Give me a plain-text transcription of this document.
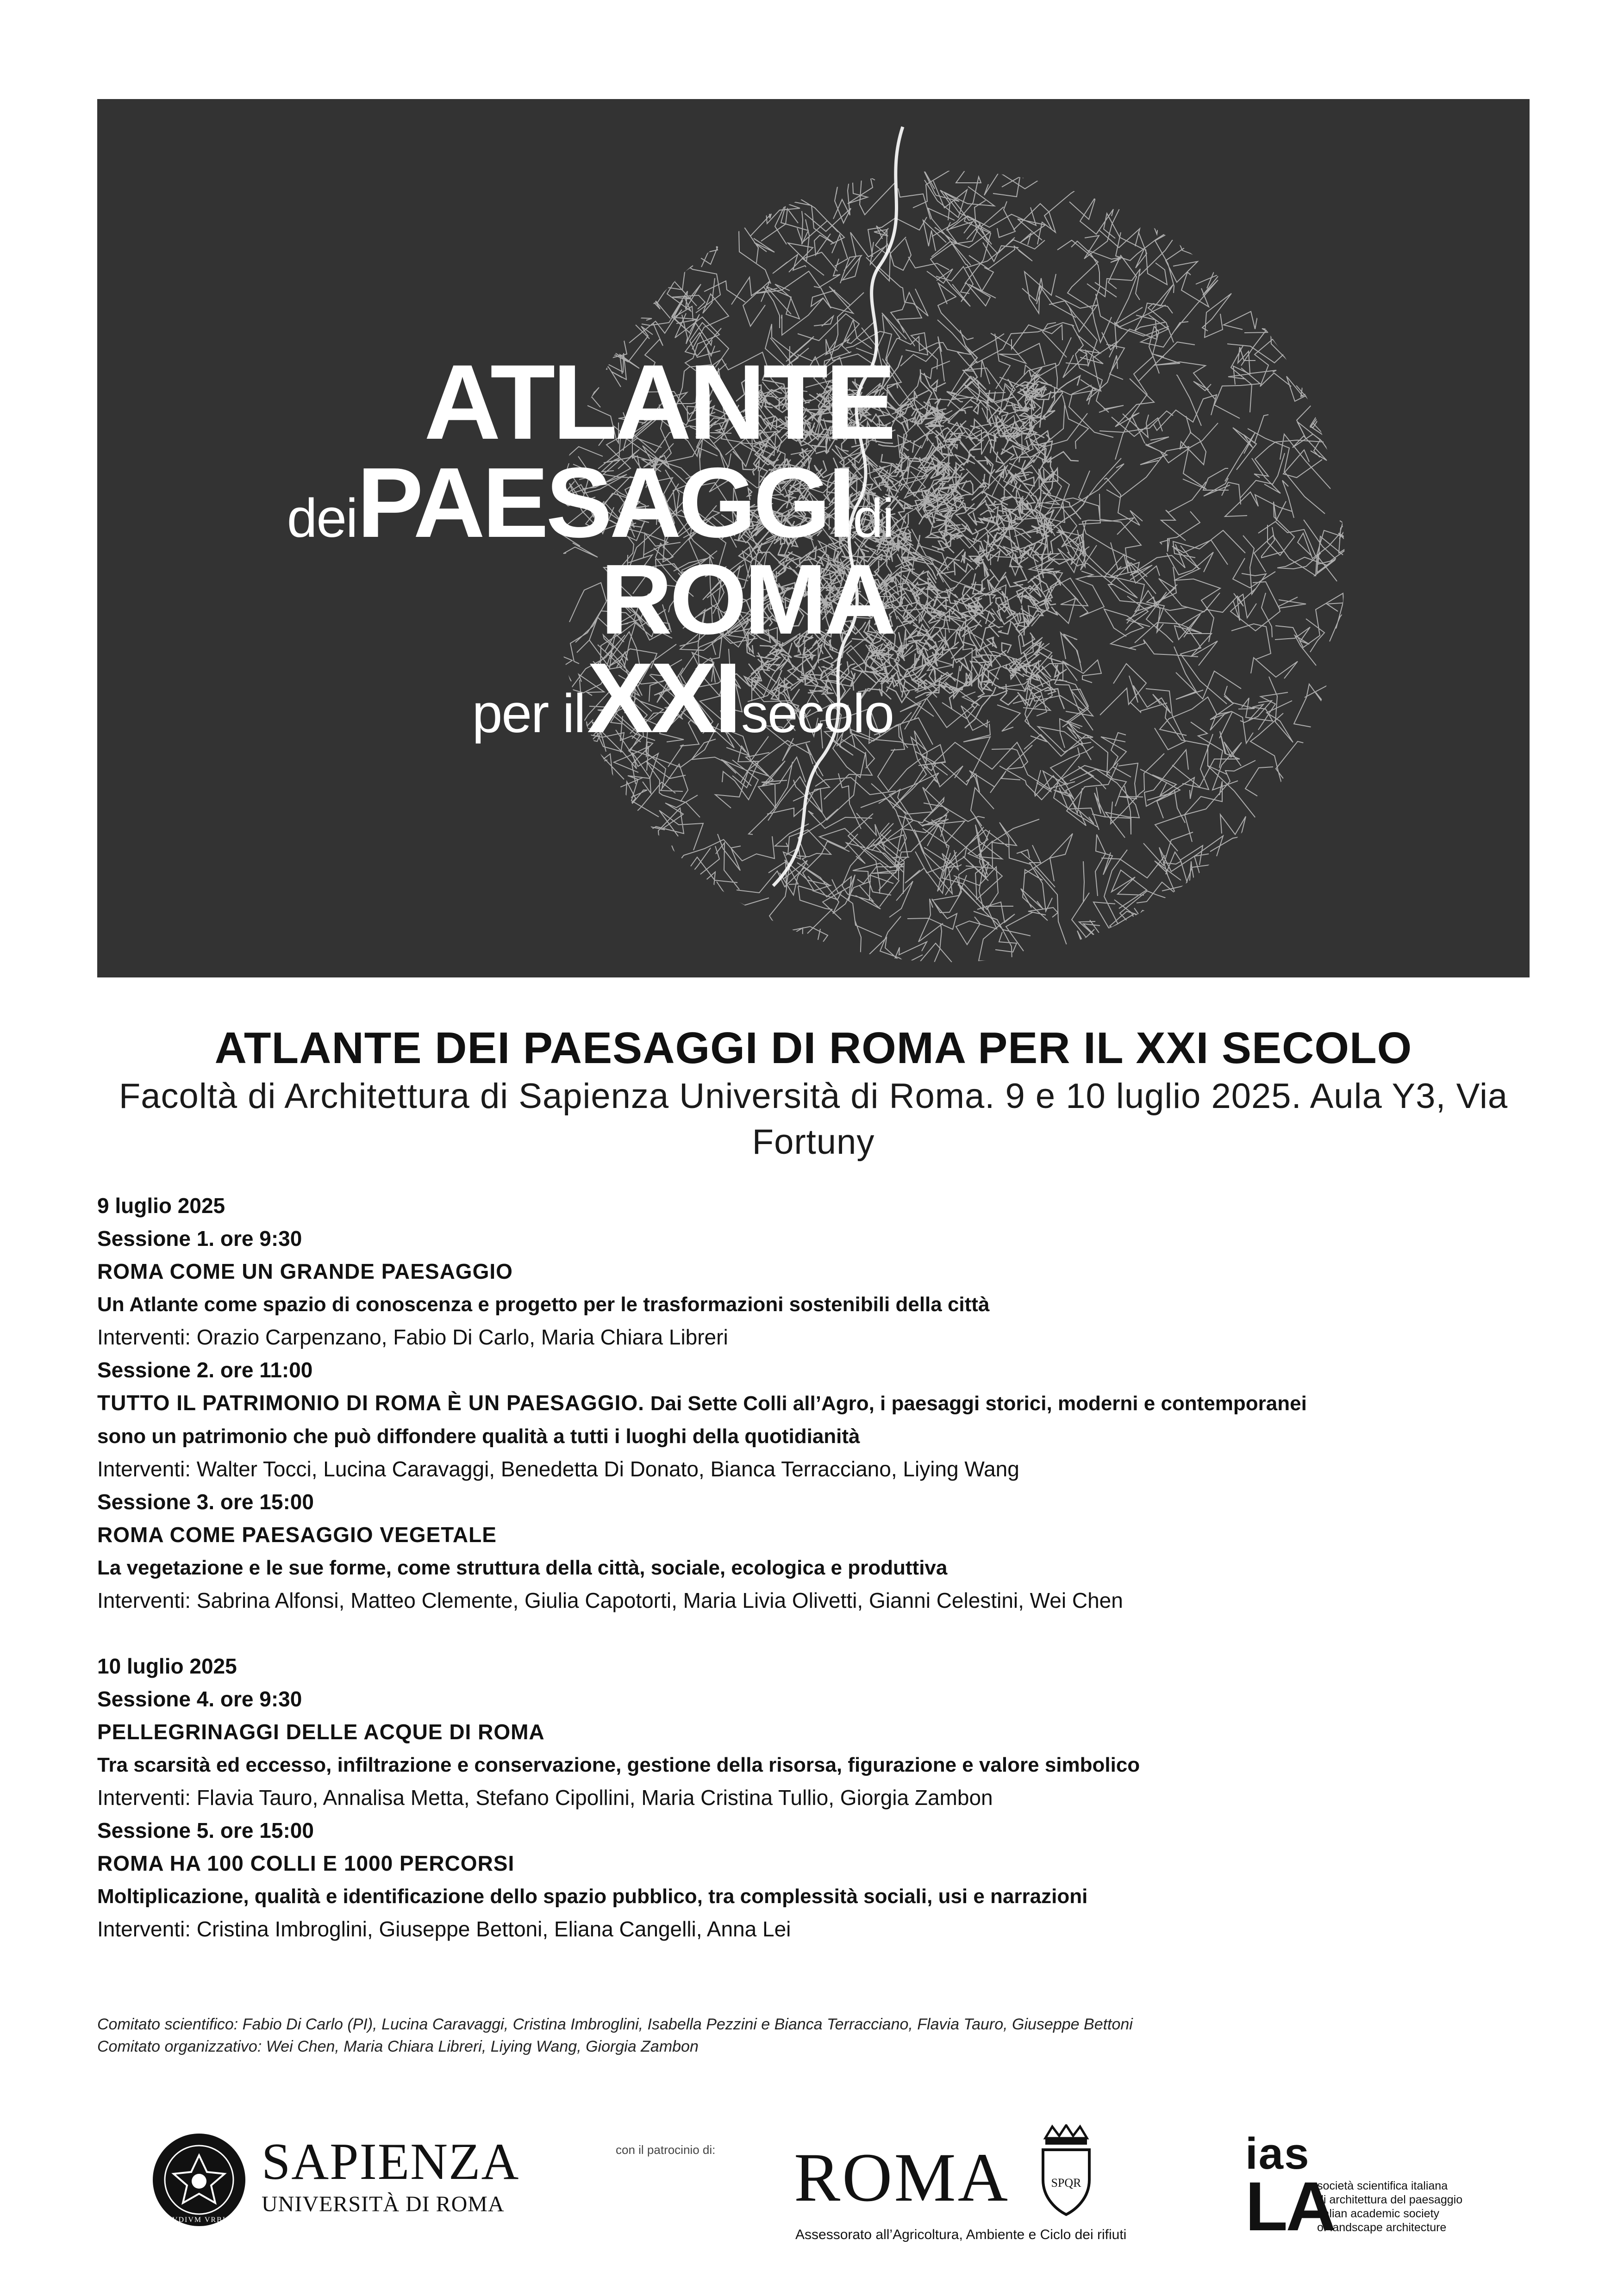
ATLANTE
deiPAESAGGIdi
ROMA
per il XXI secolo
ATLANTE DEI PAESAGGI DI ROMA PER IL XXI SECOLO
Facoltà di Architettura di Sapienza Università di Roma. 9 e 10 luglio 2025. Aula Y3, Via Fortuny

9 luglio 2025

Sessione 1. ore 9:30

ROMA COME UN GRANDE PAESAGGIO

Un Atlante come spazio di conoscenza e progetto per le trasformazioni sostenibili della città

Interventi: Orazio Carpenzano, Fabio Di Carlo, Maria Chiara Libreri

Sessione 2. ore 11:00

TUTTO IL PATRIMONIO DI ROMA È UN PAESAGGIO. Dai Sette Colli all’Agro, i paesaggi storici, moderni e contemporanei

sono un patrimonio che può diffondere qualità a tutti i luoghi della quotidianità

Interventi: Walter Tocci, Lucina Caravaggi, Benedetta Di Donato, Bianca Terracciano, Liying Wang

Sessione 3. ore 15:00

ROMA COME PAESAGGIO VEGETALE

La vegetazione e le sue forme, come struttura della città, sociale, ecologica e produttiva

Interventi: Sabrina Alfonsi, Matteo Clemente, Giulia Capotorti, Maria Livia Olivetti, Gianni Celestini, Wei Chen

10 luglio 2025

Sessione 4. ore 9:30

PELLEGRINAGGI DELLE ACQUE DI ROMA

Tra scarsità ed eccesso, infiltrazione e conservazione, gestione della risorsa, figurazione e valore simbolico

Interventi: Flavia Tauro, Annalisa Metta, Stefano Cipollini, Maria Cristina Tullio, Giorgia Zambon

Sessione 5. ore 15:00

ROMA HA 100 COLLI E 1000 PERCORSI

Moltiplicazione, qualità e identificazione dello spazio pubblico, tra complessità sociali, usi e narrazioni

Interventi: Cristina Imbroglini, Giuseppe Bettoni, Eliana Cangelli, Anna Lei

Comitato scientifico: Fabio Di Carlo (PI), Lucina Caravaggi, Cristina Imbroglini, Isabella Pezzini e Bianca Terracciano, Flavia Tauro, Giuseppe Bettoni

Comitato organizzativo: Wei Chen, Maria Chiara Libreri, Liying Wang, Giorgia Zambon

SVDIVM VRBIS
SAPIENZA
UNIVERSITÀ DI ROMA
con il patrocinio di: ROMA	SPQR
Assessorato all’Agricoltura, Ambiente e Ciclo dei rifiuti
ias
LA
società scientifica italiana
di architettura del paesaggio
italian academic society
of landscape architecture
